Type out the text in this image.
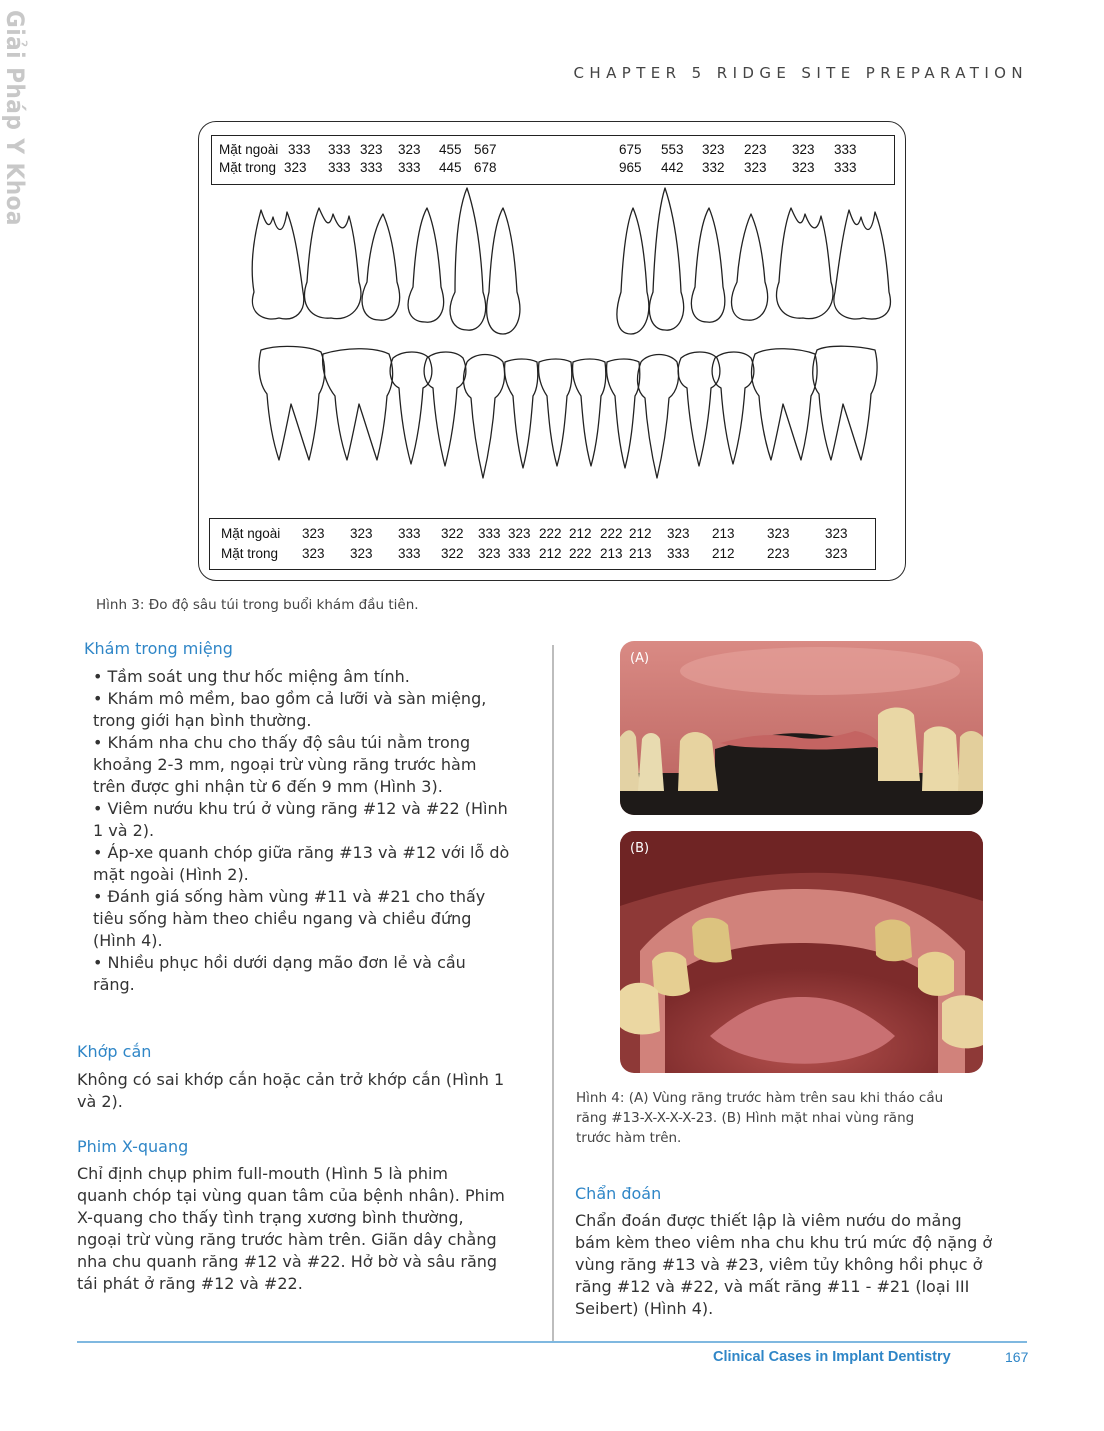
Giải Pháp Y Khoa	CHAPTER 5 RIDGE SITE PREPARATION
Mặt ngoài 333 333 323 323 455 567	675 553 323 223 323 333
Mặt trong 323 333 333 333 445 678	965 442 332 323 323 333
Mặt ngoài 323 323 333 322 333 323 222 212 222 212 323 213 323	323
Mặt trong 323 323 333 322 323 333 212 222 213 213 333 212 223	323
Hình 3: Đo độ sâu túi trong buổi khám đầu tiên.
Khám trong miệng

• Tầm soát ung thư hốc miệng âm tính.

• Khám mô mềm, bao gồm cả lưỡi và sàn miệng,

trong giới hạn bình thường.

• Khám nha chu cho thấy độ sâu túi nằm trong

khoảng 2-3 mm, ngoại trừ vùng răng trước hàm

trên được ghi nhận từ 6 đến 9 mm (Hình 3).

• Viêm nướu khu trú ở vùng răng #12 và #22 (Hình

1 và 2).

• Áp-xe quanh chóp giữa răng #13 và #12 với lỗ dò

mặt ngoài (Hình 2).

• Đánh giá sống hàm vùng #11 và #21 cho thấy

tiêu sống hàm theo chiều ngang và chiều đứng

(Hình 4).

• Nhiều phục hồi dưới dạng mão đơn lẻ và cầu

răng.

Khớp cắn

Không có sai khớp cắn hoặc cản trở khớp cắn (Hình 1

và 2).

Phim X-quang

Chỉ định chụp phim full-mouth (Hình 5 là phim

quanh chóp tại vùng quan tâm của bệnh nhân). Phim

X-quang cho thấy tình trạng xương bình thường,

ngoại trừ vùng răng trước hàm trên. Giãn dây chằng

nha chu quanh răng #12 và #22. Hở bờ và sâu răng

tái phát ở răng #12 và #22.

(A)
(B)
Hình 4: (A) Vùng răng trước hàm trên sau khi tháo cầu
răng #13-X-X-X-X-23. (B) Hình mặt nhai vùng răng
trước hàm trên.
Chẩn đoán

Chẩn đoán được thiết lập là viêm nướu do mảng

bám kèm theo viêm nha chu khu trú mức độ nặng ở

vùng răng #13 và #23, viêm tủy không hồi phục ở

răng #12 và #22, và mất răng #11 - #21 (loại III

Seibert) (Hình 4).

Clinical Cases in Implant Dentistry	167
